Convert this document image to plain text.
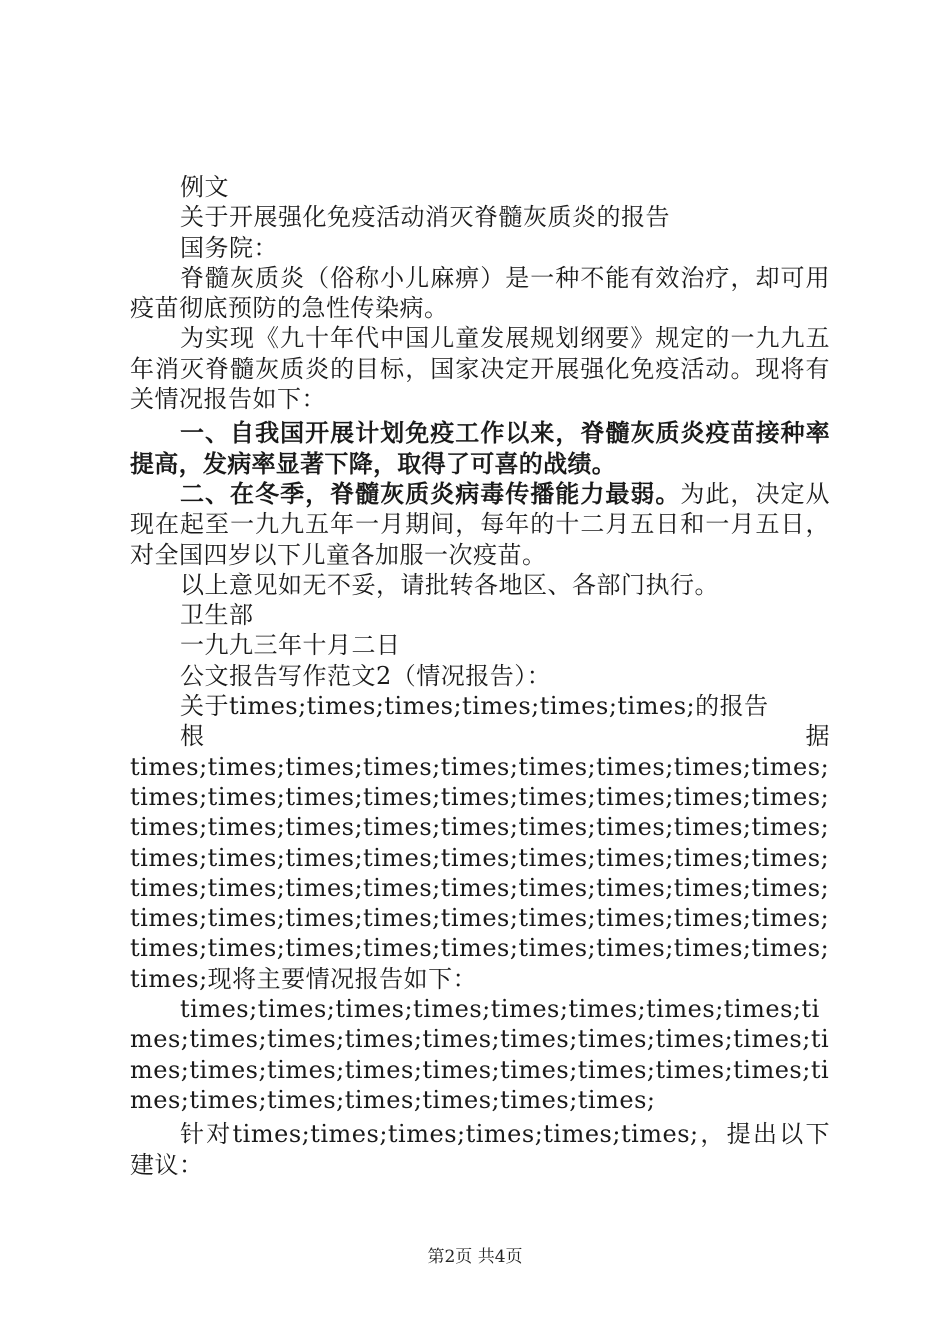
例文

关于开展强化免疫活动消灭脊髓灰质炎的报告

国务院：

脊髓灰质炎（俗称小儿麻痹）是一种不能有效治疗，却可用疫苗彻底预防的急性传染病。

为实现《九十年代中国儿童发展规划纲要》规定的一九九五年消灭脊髓灰质炎的目标，国家决定开展强化免疫活动。现将有关情况报告如下：

一、自我国开展计划免疫工作以来，脊髓灰质炎疫苗接种率提高，发病率显著下降，取得了可喜的战绩。

二、在冬季，脊髓灰质炎病毒传播能力最弱。为此，决定从现在起至一九九五年一月期间，每年的十二月五日和一月五日，对全国四岁以下儿童各加服一次疫苗。

以上意见如无不妥，请批转各地区、各部门执行。

卫生部

一九九三年十月二日

公文报告写作范文2（情况报告）：

关于times;times;times;times;times;times;的报告

根	据

times;times;times;times;times;times;times;times;times;times;times;times;times;times;times;times;times;times;times;times;times;times;times;times;times;times;times;times;times;times;times;times;times;times;times;times;times;times;times;times;times;times;times;times;times;times;times;times;times;times;times;times;times;times;times;times;times;times;times;times;times;times;times;times;现将主要情况报告如下：

times;times;times;times;times;times;times;times;times;times;times;times;times;times;times;times;times;times;times;times;times;times;times;times;times;times;times;times;times;times;times;times;times;

针对times;times;times;times;times;times;，提出以下建议：

第2页 共4页
